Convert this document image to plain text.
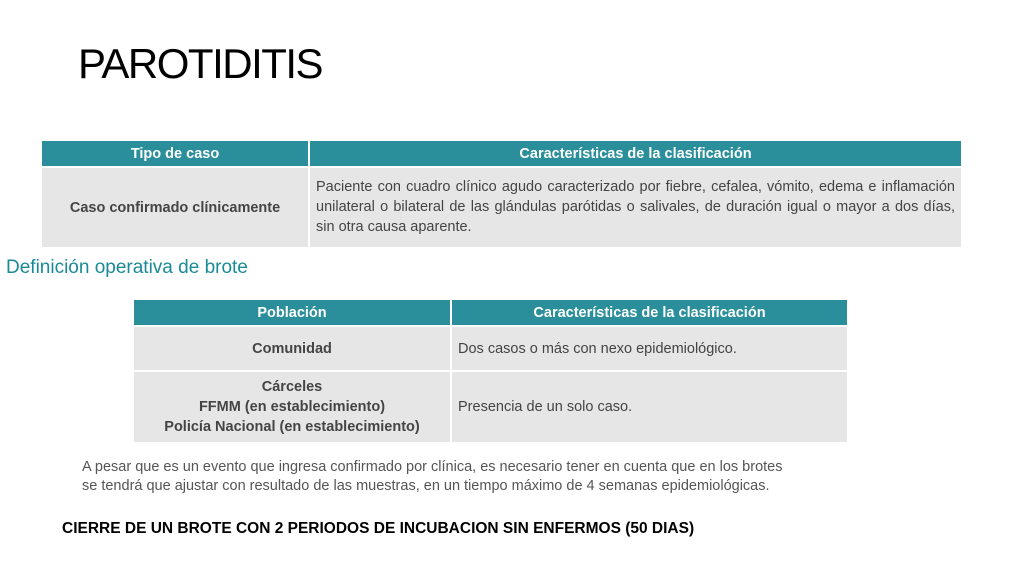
PAROTIDITIS
Tipo de caso	Características de la clasificación
Caso confirmado clínicamente	Paciente con cuadro clínico agudo caracterizado por fiebre, cefalea, vómito, edema e inflamación unilateral o bilateral de las glándulas parótidas o salivales, de duración igual o mayor a dos días, sin otra causa aparente.
Definición operativa de brote
Población	Características de la clasificación

Comunidad	Dos casos o más con nexo epidemiológico.

Cárceles
FFMM (en establecimiento)
Policía Nacional (en establecimiento)	Presencia de un solo caso.
A pesar que es un evento que ingresa confirmado por clínica, es necesario tener en cuenta que en los brotes
se tendrá que ajustar con resultado de las muestras, en un tiempo máximo de 4 semanas epidemiológicas.
CIERRE DE UN BROTE CON 2 PERIODOS DE INCUBACION SIN ENFERMOS (50 DIAS)
